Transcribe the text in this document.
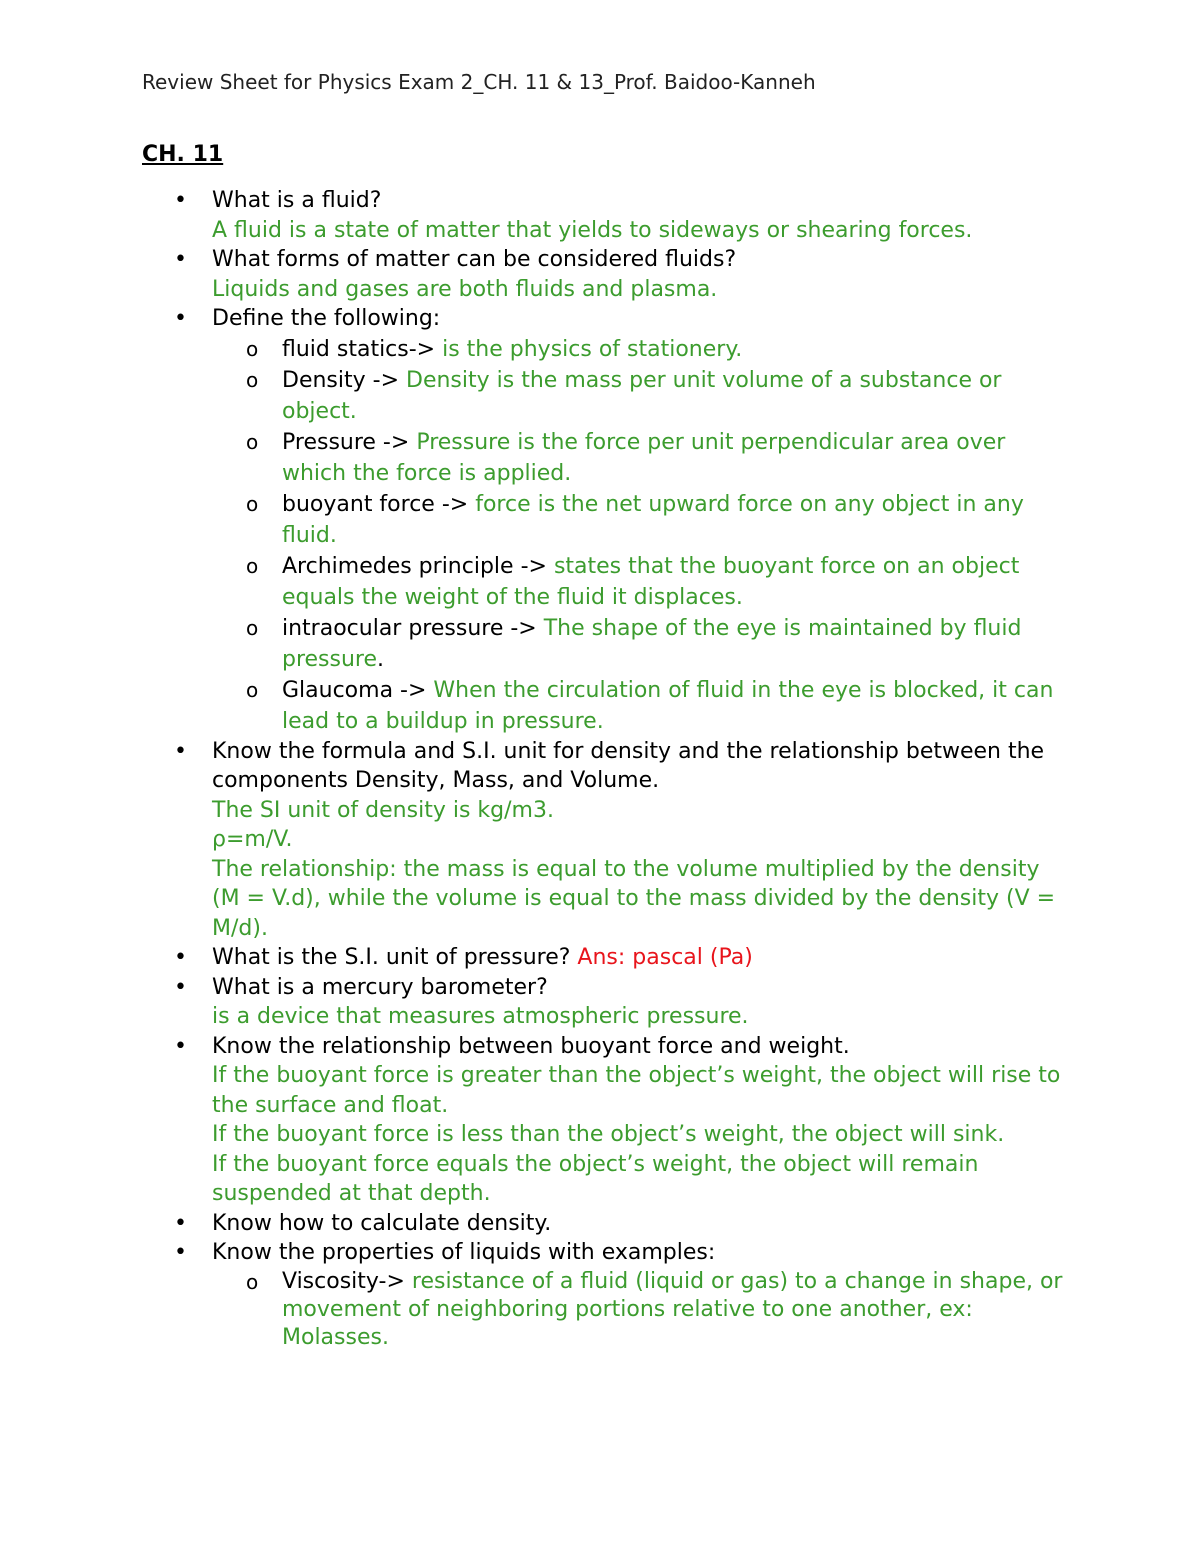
Review Sheet for Physics Exam 2_CH. 11 & 13_Prof. Baidoo-Kanneh
CH. 11
• What is a fluid?
A fluid is a state of matter that yields to sideways or shearing forces.
• What forms of matter can be considered fluids?
Liquids and gases are both fluids and plasma.
• Define the following:
o fluid statics-> is the physics of stationery.
o Density -> Density is the mass per unit volume of a substance or object.
o Pressure -> Pressure is the force per unit perpendicular area over which the force is applied.
o buoyant force -> force is the net upward force on any object in any fluid.
o Archimedes principle -> states that the buoyant force on an object equals the weight of the fluid it displaces.
o intraocular pressure -> The shape of the eye is maintained by fluid pressure.
o Glaucoma -> When the circulation of fluid in the eye is blocked, it can lead to a buildup in pressure.
• Know the formula and S.I. unit for density and the relationship between the components Density, Mass, and Volume.
The SI unit of density is kg/m3.
ρ=m/V.
The relationship: the mass is equal to the volume multiplied by the density (M = V.d), while the volume is equal to the mass divided by the density (V = M/d).
• What is the S.I. unit of pressure? Ans: pascal (Pa)
• What is a mercury barometer?
is a device that measures atmospheric pressure.
• Know the relationship between buoyant force and weight.
If the buoyant force is greater than the object’s weight, the object will rise to the surface and float.
If the buoyant force is less than the object’s weight, the object will sink.
If the buoyant force equals the object’s weight, the object will remain suspended at that depth.
• Know how to calculate density.
• Know the properties of liquids with examples:
o Viscosity-> resistance of a fluid (liquid or gas) to a change in shape, or movement of neighboring portions relative to one another, ex: Molasses.
